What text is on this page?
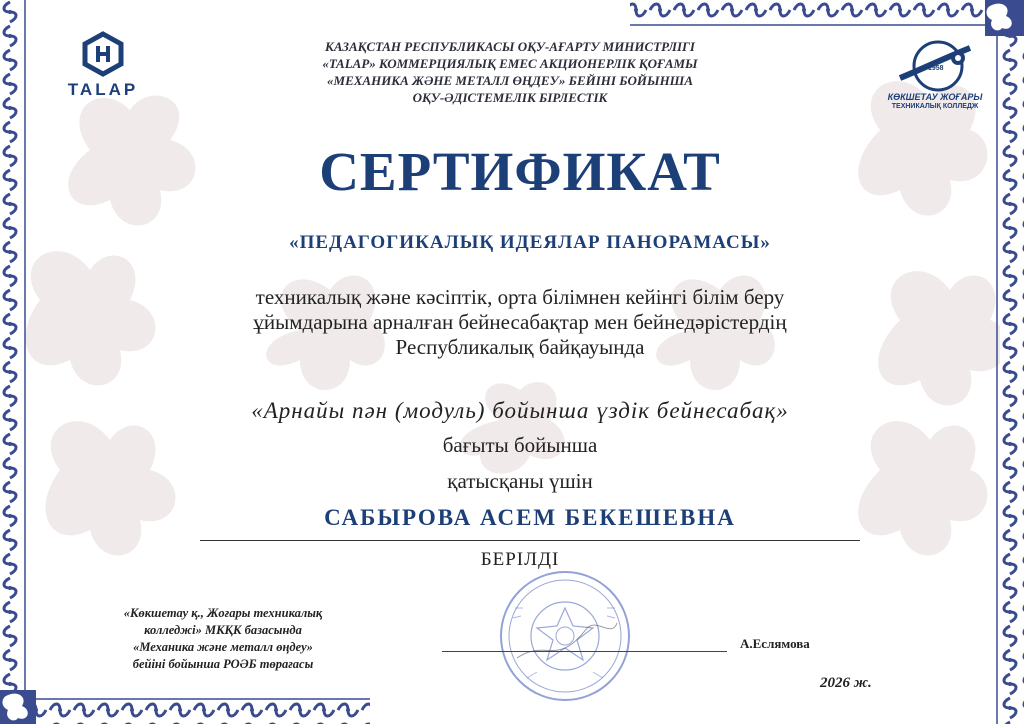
TALAP
1958
КӨКШЕТАУ ЖОҒАРЫ
ТЕХНИКАЛЫҚ КОЛЛЕДЖ
КАЗАҚСТАН РЕСПУБЛИКАСЫ ОҚУ-АҒАРТУ МИНИСТРЛІГІ
«TALAP» КОММЕРЦИЯЛЫҚ ЕМЕС АКЦИОНЕРЛІК ҚОҒАМЫ
«МЕХАНИКА ЖӘНЕ МЕТАЛЛ ӨҢДЕУ» БЕЙІНІ БОЙЫНША
ОҚУ-ӘДІСТЕМЕЛІК БІРЛЕСТІК
СЕРТИФИКАТ
«ПЕДАГОГИКАЛЫҚ ИДЕЯЛАР ПАНОРАМАСЫ»
техникалық және кәсіптік, орта білімнен кейінгі білім беру
ұйымдарына арналған бейнесабақтар мен бейнедәрістердің
Республикалық байқауында
«Арнайы пән (модуль) бойынша үздік бейнесабақ»
бағыты бойынша
қатысқаны үшін
САБЫРОВА АСЕМ БЕКЕШЕВНА
БЕРІЛДІ
«Көкшетау қ., Жоғары техникалық
колледжі» МКҚК базасында
«Механика және металл өңдеу»
бейіні бойынша РОӘБ төрағасы
А.Еслямова
2026 ж.
